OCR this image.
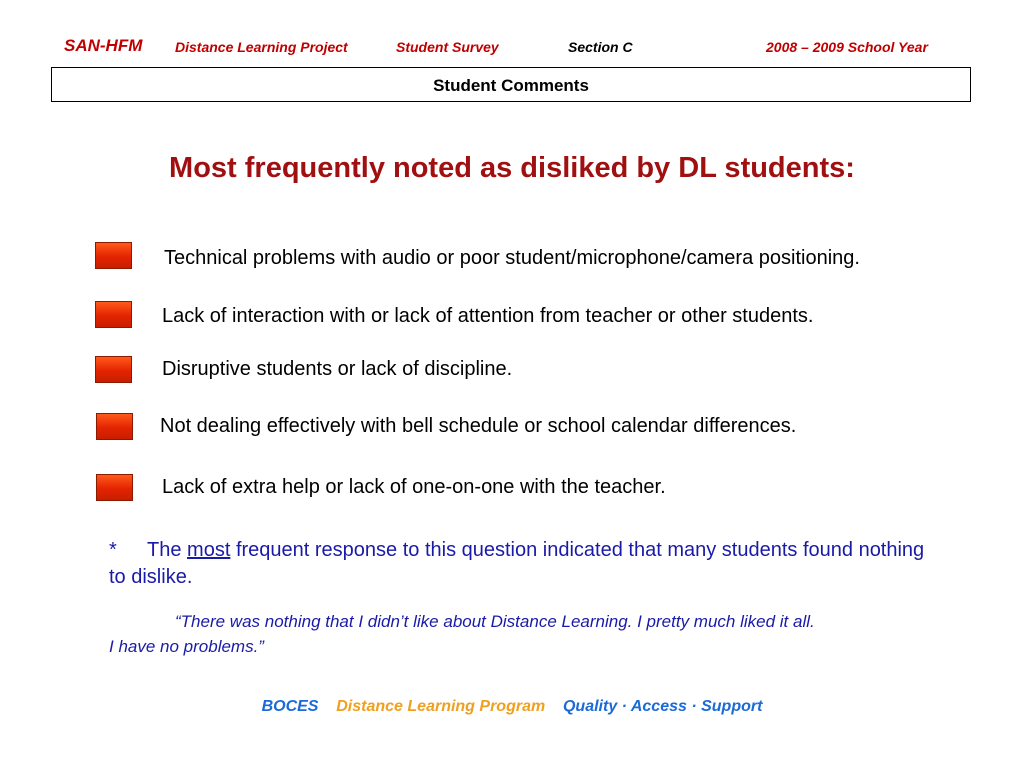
SAN-HFM Distance Learning Project	Student Survey	Section C	2008 – 2009 School Year
Student Comments
Most frequently noted as disliked by DL students:
Technical problems with audio or poor student/microphone/camera positioning.
Lack of interaction with or lack of attention from teacher or other students.
Disruptive students or lack of discipline.
Not dealing effectively with bell schedule or school calendar differences.
Lack of extra help or lack of one-on-one with the teacher.
* The most frequent response to this question indicated that many students found nothing to dislike.
“There was nothing that I didn’t like about Distance Learning. I pretty much liked it all.
I have no problems.”
BOCES Distance Learning Program Quality · Access · Support
